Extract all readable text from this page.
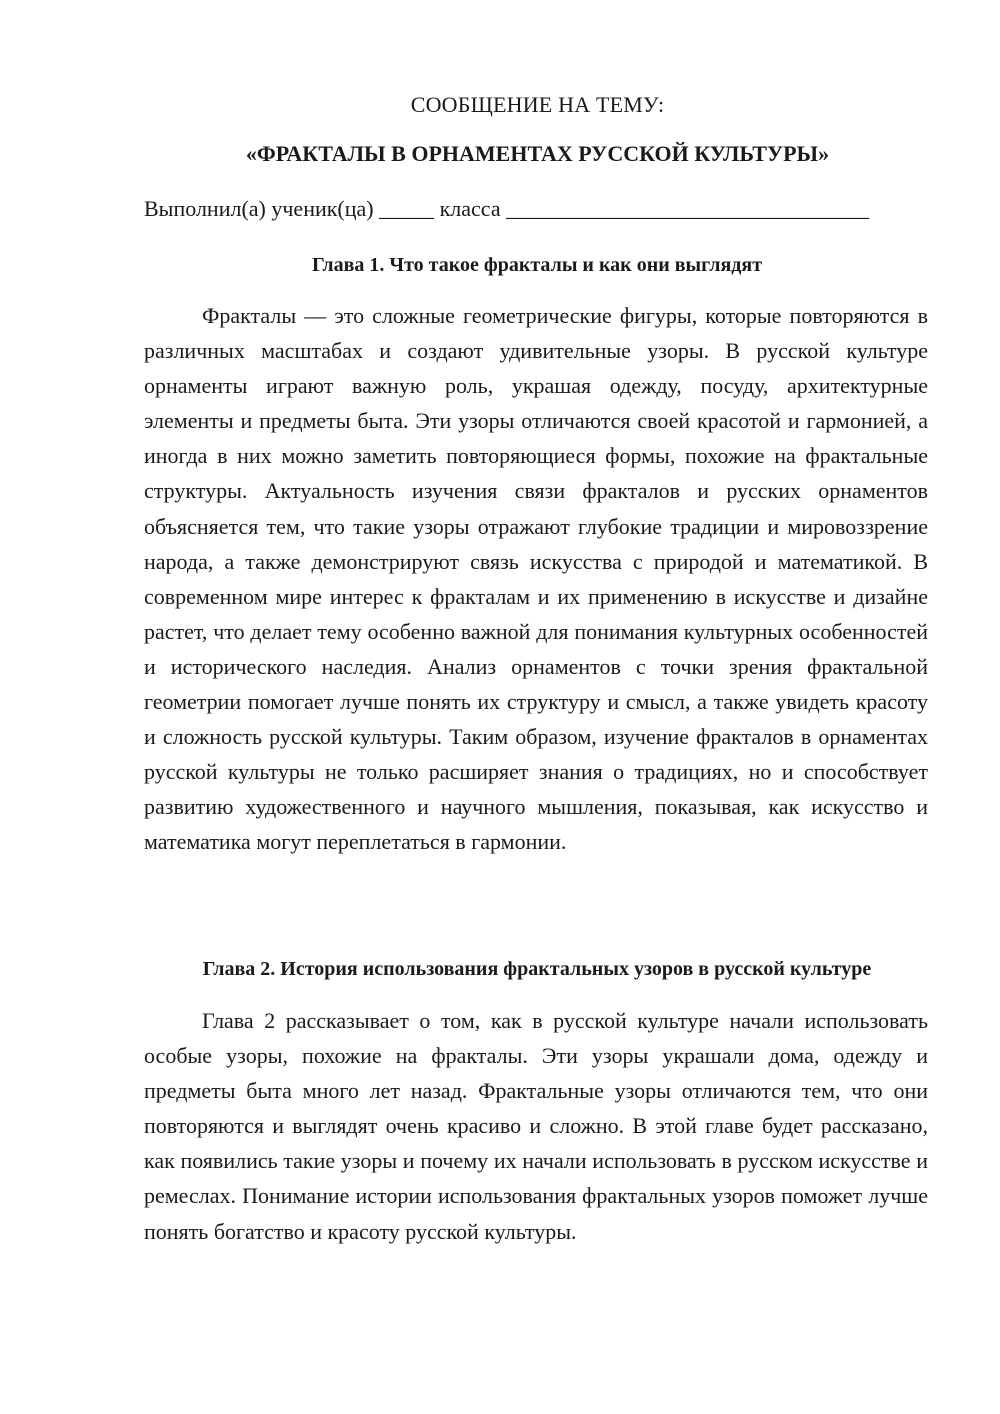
СООБЩЕНИЕ НА ТЕМУ:
«ФРАКТАЛЫ В ОРНАМЕНТАХ РУССКОЙ КУЛЬТУРЫ»
Выполнил(а) ученик(ца) _____ класса _________________________________
Глава 1. Что такое фракталы и как они выглядят

Фракталы — это сложные геометрические фигуры, которые повторяются в различных масштабах и создают удивительные узоры. В русской культуре орнаменты играют важную роль, украшая одежду, посуду, архитектурные элементы и предметы быта. Эти узоры отличаются своей красотой и гармонией, а иногда в них можно заметить повторяющиеся формы, похожие на фрактальные структуры. Актуальность изучения связи фракталов и русских орнаментов объясняется тем, что такие узоры отражают глубокие традиции и мировоззрение народа, а также демонстрируют связь искусства с природой и математикой. В современном мире интерес к фракталам и их применению в искусстве и дизайне растет, что делает тему особенно важной для понимания культурных особенностей и исторического наследия. Анализ орнаментов с точки зрения фрактальной геометрии помогает лучше понять их структуру и смысл, а также увидеть красоту и сложность русской культуры. Таким образом, изучение фракталов в орнаментах русской культуры не только расширяет знания о традициях, но и способствует развитию художественного и научного мышления, показывая, как искусство и математика могут переплетаться в гармонии.

Глава 2. История использования фрактальных узоров в русской культуре

Глава 2 рассказывает о том, как в русской культуре начали использовать особые узоры, похожие на фракталы. Эти узоры украшали дома, одежду и предметы быта много лет назад. Фрактальные узоры отличаются тем, что они повторяются и выглядят очень красиво и сложно. В этой главе будет рассказано, как появились такие узоры и почему их начали использовать в русском искусстве и ремеслах. Понимание истории использования фрактальных узоров поможет лучше понять богатство и красоту русской культуры.
